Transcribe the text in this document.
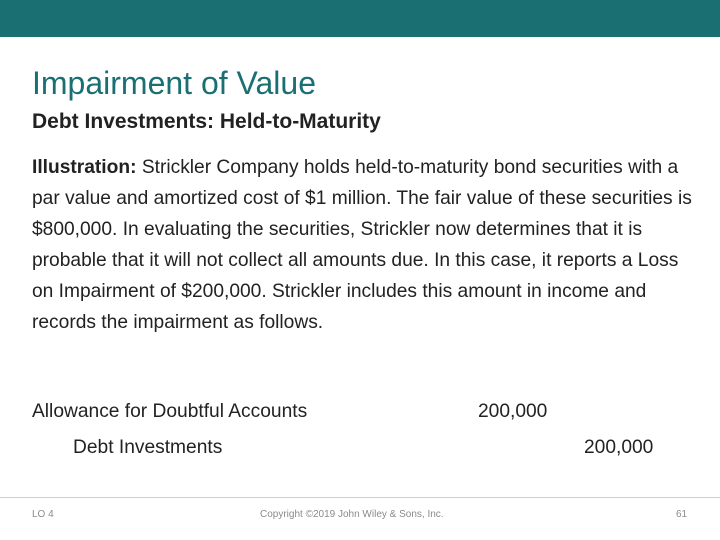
Impairment of Value
Debt Investments: Held-to-Maturity
Illustration: Strickler Company holds held-to-maturity bond securities with a par value and amortized cost of $1 million. The fair value of these securities is $800,000. In evaluating the securities, Strickler now determines that it is probable that it will not collect all amounts due. In this case, it reports a Loss on Impairment of $200,000. Strickler includes this amount in income and records the impairment as follows.
Allowance for Doubtful Accounts	200,000
Debt Investments	200,000
LO 4	Copyright ©2019 John Wiley & Sons, Inc.	61
